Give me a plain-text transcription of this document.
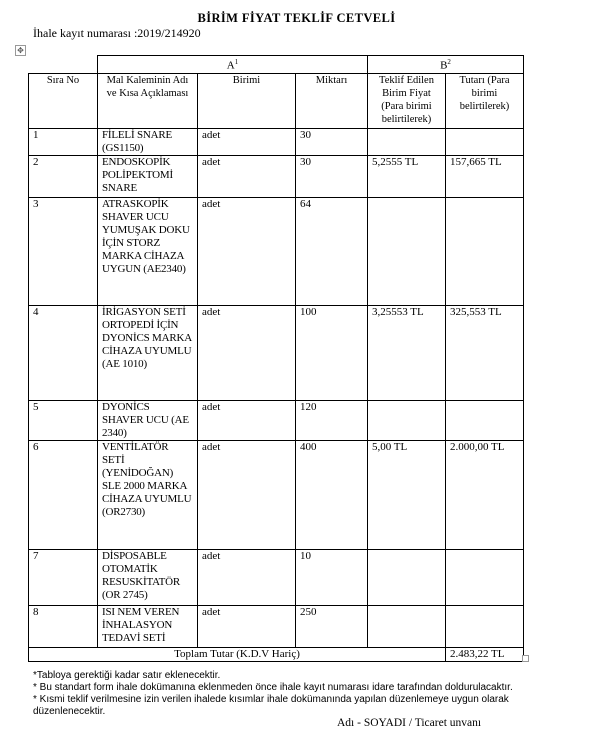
BİRİM FİYAT TEKLİF CETVELİ
İhale kayıt numarası :2019/214920
✥
	$A^1$			$B^2$
Sıra No	Mal Kaleminin Adı ve Kısa Açıklaması	Birimi	Miktarı	Teklif Edilen Birim Fiyat (Para birimi belirtilerek)	Tutarı (Para birimi belirtilerek)
1	FİLELİ SNARE (GS1150)	adet	30		
2	ENDOSKOPİK POLİPEKTOMİ SNARE	adet	30	5,2555 TL	157,665 TL
3	ATRASKOPİK SHAVER UCU YUMUŞAK DOKU İÇİN STORZ MARKA CİHAZA UYGUN (AE2340)	adet	64		
4	İRİGASYON SETİ ORTOPEDİ İÇİN DYONİCS MARKA CİHAZA UYUMLU (AE 1010)	adet	100	3,25553 TL	325,553 TL
5	DYONİCS SHAVER UCU (AE 2340)	adet	120		
6	VENTİLATÖR SETİ (YENİDOĞAN) SLE 2000 MARKA CİHAZA UYUMLU (OR2730)	adet	400	5,00 TL	2.000,00 TL
7	DİSPOSABLE OTOMATİK RESUSKİTATÖR (OR 2745)	adet	10		
8	ISI NEM VEREN İNHALASYON TEDAVİ SETİ	adet	250		
Toplam Tutar (K.D.V Hariç)					2.483,22 TL
*Tabloya gerektiği kadar satır eklenecektir.
* Bu standart form ihale dokümanına eklenmeden önce ihale kayıt numarası idare tarafından doldurulacaktır.
* Kısmi teklif verilmesine izin verilen ihalede kısımlar ihale dokümanında yapılan düzenlemeye uygun olarak düzenlenecektir.
Adı - SOYADI / Ticaret unvanı
